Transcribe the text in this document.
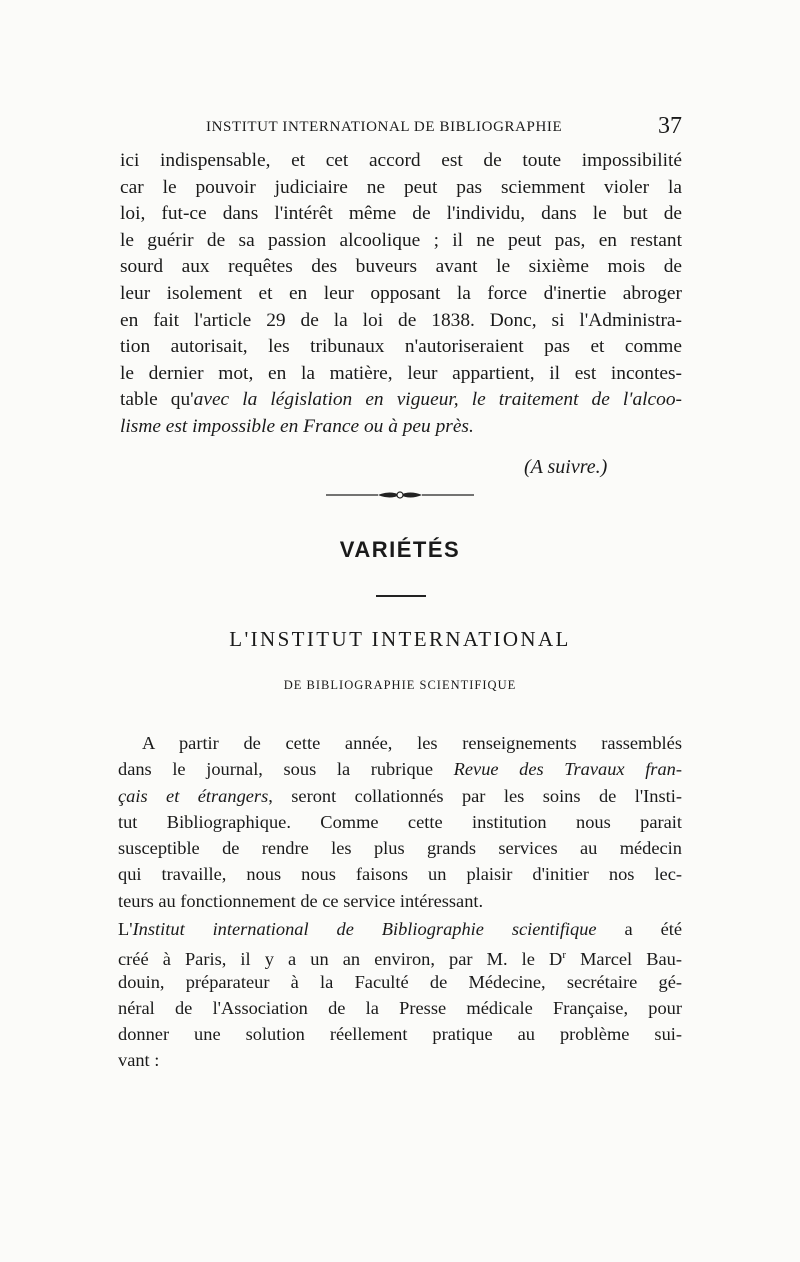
INSTITUT INTERNATIONAL DE BIBLIOGRAPHIE	37
ici indispensable, et cet accord est de toute impossibilité
car le pouvoir judiciaire ne peut pas sciemment violer la
loi, fut-ce dans l'intérêt même de l'individu, dans le but de
le guérir de sa passion alcoolique ; il ne peut pas, en restant
sourd aux requêtes des buveurs avant le sixième mois de
leur isolement et en leur opposant la force d'inertie abroger
en fait l'article 29 de la loi de 1838. Donc, si l'Administra-
tion autorisait, les tribunaux n'autoriseraient pas et comme
le dernier mot, en la matière, leur appartient, il est incontes-
table qu'avec la législation en vigueur, le traitement de l'alcoo-
lisme est impossible en France ou à peu près.
(A suivre.)
VARIÉTÉS
L'INSTITUT INTERNATIONAL
DE BIBLIOGRAPHIE SCIENTIFIQUE
A partir de cette année, les renseignements rassemblés
dans le journal, sous la rubrique Revue des Travaux fran-
çais et étrangers, seront collationnés par les soins de l'Insti-
tut Bibliographique. Comme cette institution nous parait
susceptible de rendre les plus grands services au médecin
qui travaille, nous nous faisons un plaisir d'initier nos lec-
teurs au fonctionnement de ce service intéressant.
L'Institut international de Bibliographie scientifique a été
créé à Paris, il y a un an environ, par M. le $D^r$ Marcel Bau-
douin, préparateur à la Faculté de Médecine, secrétaire gé-
néral de l'Association de la Presse médicale Française, pour
donner une solution réellement pratique au problème sui-
vant :
